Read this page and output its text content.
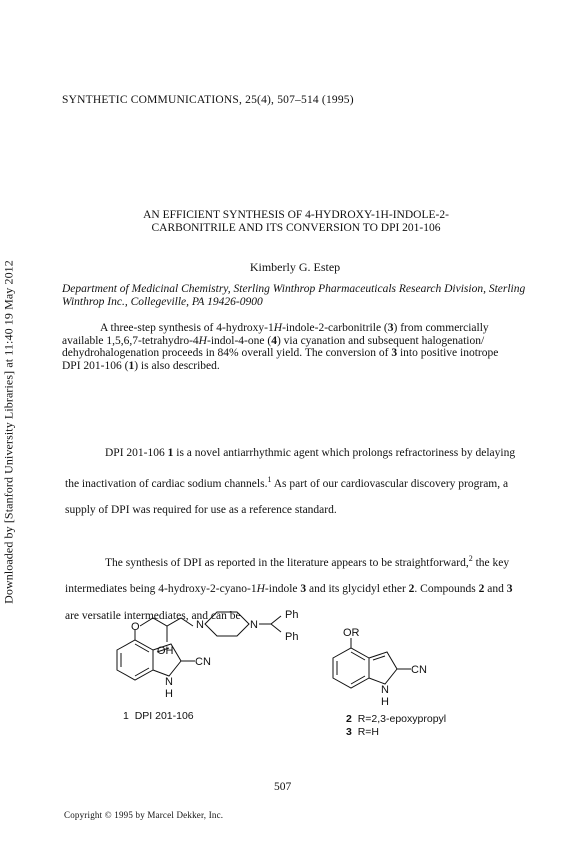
Downloaded by [Stanford University Libraries] at 11:40 19 May 2012
SYNTHETIC COMMUNICATIONS, 25(4), 507–514 (1995)
AN EFFICIENT SYNTHESIS OF 4-HYDROXY-1H-INDOLE-2-
CARBONITRILE AND ITS CONVERSION TO DPI 201-106
Kimberly G. Estep
Department of Medicinal Chemistry, Sterling Winthrop Pharmaceuticals Research Division, Sterling Winthrop Inc., Collegeville, PA 19426-0900
A three-step synthesis of 4-hydroxy-1H-indole-2-carbonitrile (3) from commercially available 1,5,6,7-tetrahydro-4H-indol-4-one (4) via cyanation and subsequent halogenation/ dehydrohalogenation proceeds in 84% overall yield. The conversion of 3 into positive inotrope DPI 201-106 (1) is also described.
DPI 201-106 1 is a novel antiarrhythmic agent which prolongs refractoriness by delaying the inactivation of cardiac sodium channels.$^1$ As part of our cardiovascular discovery program, a supply of DPI was required for use as a reference standard.
The synthesis of DPI as reported in the literature appears to be straightforward,$^2$ the key intermediates being 4-hydroxy-2-cyano-1H-indole 3 and its glycidyl ether 2. Compounds 2 and 3 are versatile intermediates, and can be
O
OH
N	N
Ph
Ph
N
H
CN
OR
N
H
CN
1 DPI 201-106	2 R=2,3-epoxypropyl
3 R=H
507
Copyright © 1995 by Marcel Dekker, Inc.
